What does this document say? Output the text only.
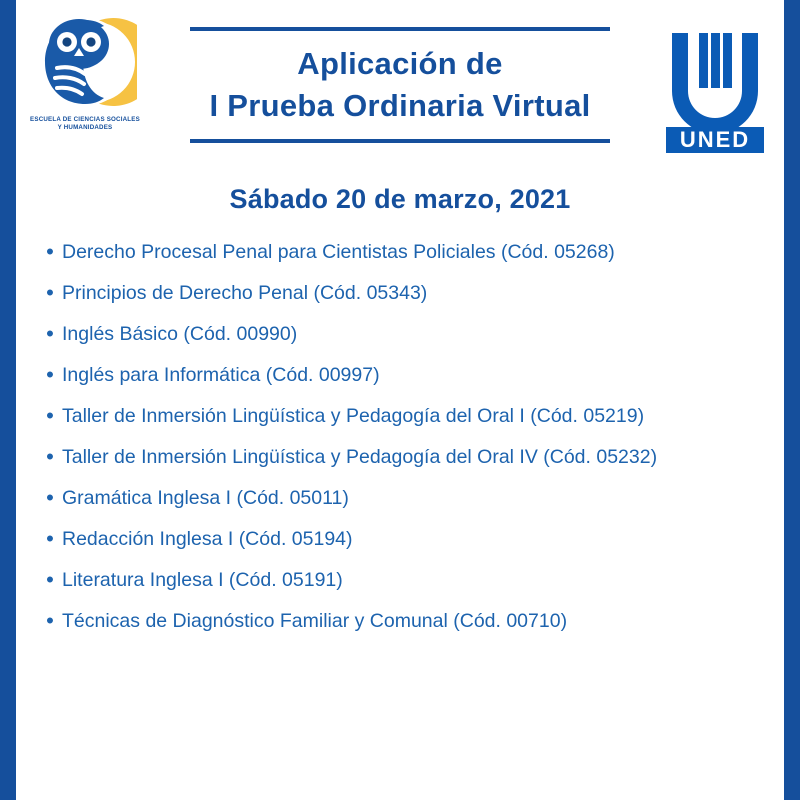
ESCUELA DE CIENCIAS SOCIALES
Y HUMANIDADES
Aplicación de
I Prueba Ordinaria Virtual
UNED
Sábado 20 de marzo, 2021
• Derecho Procesal Penal para Cientistas Policiales (Cód. 05268)
• Principios de Derecho Penal (Cód. 05343)
• Inglés Básico (Cód. 00990)
• Inglés para Informática (Cód. 00997)
• Taller de Inmersión Lingüística y Pedagogía del Oral I (Cód. 05219)
• Taller de Inmersión Lingüística y Pedagogía del Oral IV (Cód. 05232)
• Gramática Inglesa I (Cód. 05011)
• Redacción Inglesa I (Cód. 05194)
• Literatura Inglesa I (Cód. 05191)
• Técnicas de Diagnóstico Familiar y Comunal (Cód. 00710)
